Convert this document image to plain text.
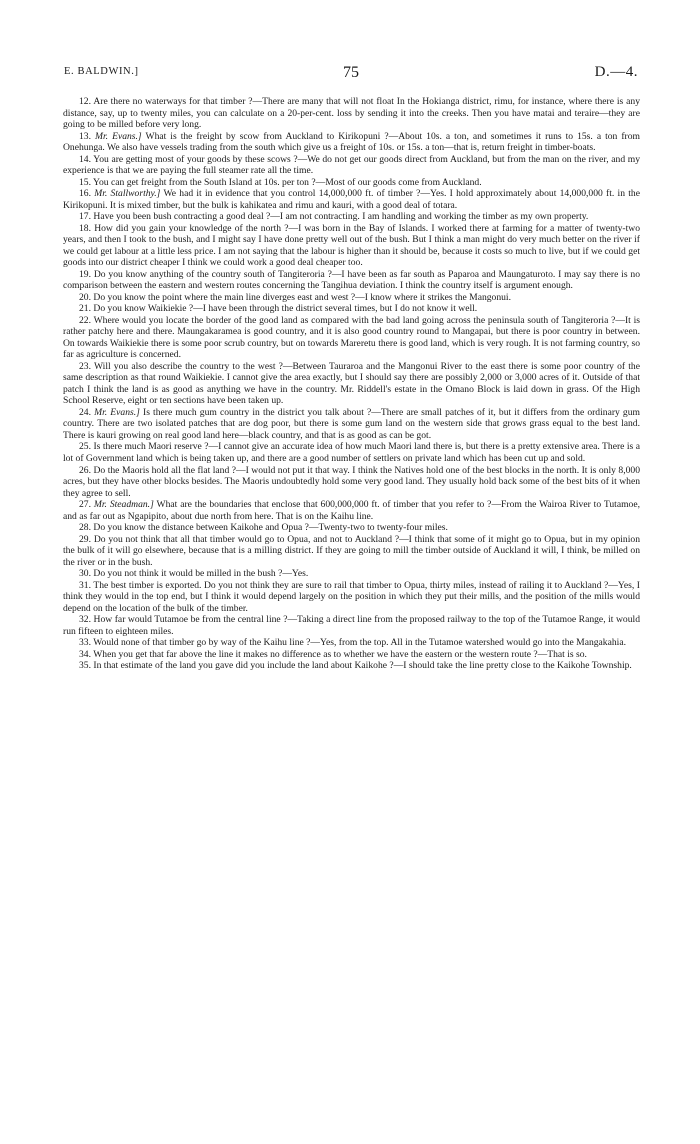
E. BALDWIN.]	75	D.—4.

12. Are there no waterways for that timber ?—There are many that will not float In the Hokianga district, rimu, for instance, where there is any distance, say, up to twenty miles, you can calculate on a 20-per-cent. loss by sending it into the creeks. Then you have matai and teraire—they are going to be milled before very long.

13. Mr. Evans.] What is the freight by scow from Auckland to Kirikopuni ?—About 10s. a ton, and sometimes it runs to 15s. a ton from Onehunga. We also have vessels trading from the south which give us a freight of 10s. or 15s. a ton—that is, return freight in timber-boats.

14. You are getting most of your goods by these scows ?—We do not get our goods direct from Auckland, but from the man on the river, and my experience is that we are paying the full steamer rate all the time.

15. You can get freight from the South Island at 10s. per ton ?—Most of our goods come from Auckland.

16. Mr. Stallworthy.] We had it in evidence that you control 14,000,000 ft. of timber ?—Yes. I hold approximately about 14,000,000 ft. in the Kirikopuni. It is mixed timber, but the bulk is kahikatea and rimu and kauri, with a good deal of totara.

17. Have you been bush contracting a good deal ?—I am not contracting. I am handling and working the timber as my own property.

18. How did you gain your knowledge of the north ?—I was born in the Bay of Islands. I worked there at farming for a matter of twenty-two years, and then I took to the bush, and I might say I have done pretty well out of the bush. But I think a man might do very much better on the river if we could get labour at a little less price. I am not saying that the labour is higher than it should be, because it costs so much to live, but if we could get goods into our district cheaper I think we could work a good deal cheaper too.

19. Do you know anything of the country south of Tangiteroria ?—I have been as far south as Paparoa and Maungaturoto. I may say there is no comparison between the eastern and western routes concerning the Tangihua deviation. I think the country itself is argument enough.

20. Do you know the point where the main line diverges east and west ?—I know where it strikes the Mangonui.

21. Do you know Waikiekie ?—I have been through the district several times, but I do not know it well.

22. Where would you locate the border of the good land as compared with the bad land going across the peninsula south of Tangiteroria ?—It is rather patchy here and there. Maungakaramea is good country, and it is also good country round to Mangapai, but there is poor country in between. On towards Waikiekie there is some poor scrub country, but on towards Mareretu there is good land, which is very rough. It is not farming country, so far as agriculture is concerned.

23. Will you also describe the country to the west ?—Between Tauraroa and the Mangonui River to the east there is some poor country of the same description as that round Waikiekie. I cannot give the area exactly, but I should say there are possibly 2,000 or 3,000 acres of it. Outside of that patch I think the land is as good as anything we have in the country. Mr. Riddell's estate in the Omano Block is laid down in grass. Of the High School Reserve, eight or ten sections have been taken up.

24. Mr. Evans.] Is there much gum country in the district you talk about ?—There are small patches of it, but it differs from the ordinary gum country. There are two isolated patches that are dog poor, but there is some gum land on the western side that grows grass equal to the best land. There is kauri growing on real good land here—black country, and that is as good as can be got.

25. Is there much Maori reserve ?—I cannot give an accurate idea of how much Maori land there is, but there is a pretty extensive area. There is a lot of Government land which is being taken up, and there are a good number of settlers on private land which has been cut up and sold.

26. Do the Maoris hold all the flat land ?—I would not put it that way. I think the Natives hold one of the best blocks in the north. It is only 8,000 acres, but they have other blocks besides. The Maoris undoubtedly hold some very good land. They usually hold back some of the best bits of it when they agree to sell.

27. Mr. Steadman.] What are the boundaries that enclose that 600,000,000 ft. of timber that you refer to ?—From the Wairoa River to Tutamoe, and as far out as Ngapipito, about due north from here. That is on the Kaihu line.

28. Do you know the distance between Kaikohe and Opua ?—Twenty-two to twenty-four miles.

29. Do you not think that all that timber would go to Opua, and not to Auckland ?—I think that some of it might go to Opua, but in my opinion the bulk of it will go elsewhere, because that is a milling district. If they are going to mill the timber outside of Auckland it will, I think, be milled on the river or in the bush.

30. Do you not think it would be milled in the bush ?—Yes.

31. The best timber is exported. Do you not think they are sure to rail that timber to Opua, thirty miles, instead of railing it to Auckland ?—Yes, I think they would in the top end, but I think it would depend largely on the position in which they put their mills, and the position of the mills would depend on the location of the bulk of the timber.

32. How far would Tutamoe be from the central line ?—Taking a direct line from the proposed railway to the top of the Tutamoe Range, it would run fifteen to eighteen miles.

33. Would none of that timber go by way of the Kaihu line ?—Yes, from the top. All in the Tutamoe watershed would go into the Mangakahia.

34. When you get that far above the line it makes no difference as to whether we have the eastern or the western route ?—That is so.

35. In that estimate of the land you gave did you include the land about Kaikohe ?—I should take the line pretty close to the Kaikohe Township.
